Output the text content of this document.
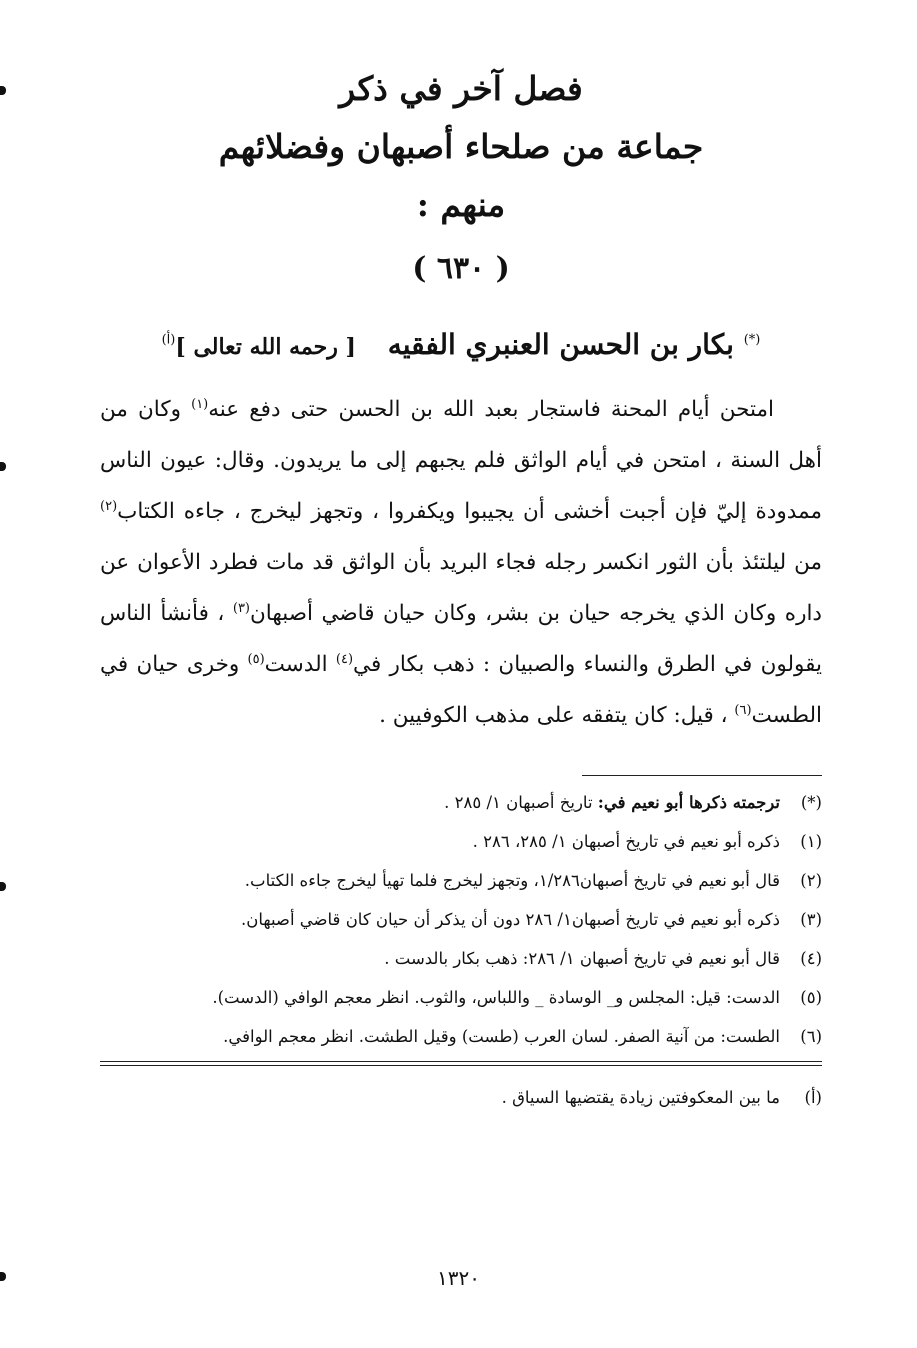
فصل آخر في ذكر
جماعة من صلحاء أصبهان وفضلائهم
منهم :
( ٦٣٠ )
(*) بكار بن الحسن العنبري الفقيه [ رحمه الله تعالى ]$^{(أ)}$

امتحن أيام المحنة فاستجار بعبد الله بن الحسن حتى دفع عنه$^{(١)}$ وكان من أهل السنة ، امتحن في أيام الواثق فلم يجبهم إلى ما يريدون. وقال: عيون الناس ممدودة إليّ فإن أجبت أخشى أن يجيبوا ويكفروا ، وتجهز ليخرج ، جاءه الكتاب$^{(٢)}$ من ليلتئذ بأن الثور انكسر رجله فجاء البريد بأن الواثق قد مات فطرد الأعوان عن داره وكان الذي يخرجه حيان بن بشر، وكان حيان قاضي أصبهان$^{(٣)}$ ، فأنشأ الناس يقولون في الطرق والنساء والصبيان : ذهب بكار في$^{(٤)}$ الدست$^{(٥)}$ وخرى حيان في الطست$^{(٦)}$ ، قيل: كان يتفقه على مذهب الكوفيين .

(*)
ترجمته ذكرها أبو نعيم في: تاريخ أصبهان ١/ ٢٨٥ .
(١)
ذكره أبو نعيم في تاريخ أصبهان ١/ ٢٨٥، ٢٨٦ .
(٢)
قال أبو نعيم في تاريخ أصبهان١/٢٨٦، وتجهز ليخرج فلما تهيأ ليخرج جاءه الكتاب.
(٣)
ذكره أبو نعيم في تاريخ أصبهان١/ ٢٨٦ دون أن يذكر أن حيان كان قاضي أصبهان.
(٤)
قال أبو نعيم في تاريخ أصبهان ١/ ٢٨٦: ذهب بكار بالدست .
(٥)
الدست: قيل: المجلس و_ الوسادة _ واللباس، والثوب. انظر معجم الوافي (الدست).
(٦)
الطست: من آنية الصفر. لسان العرب (طست) وقيل الطشت. انظر معجم الوافي.
(أ)
ما بين المعكوفتين زيادة يقتضيها السياق .
١٣٢٠
